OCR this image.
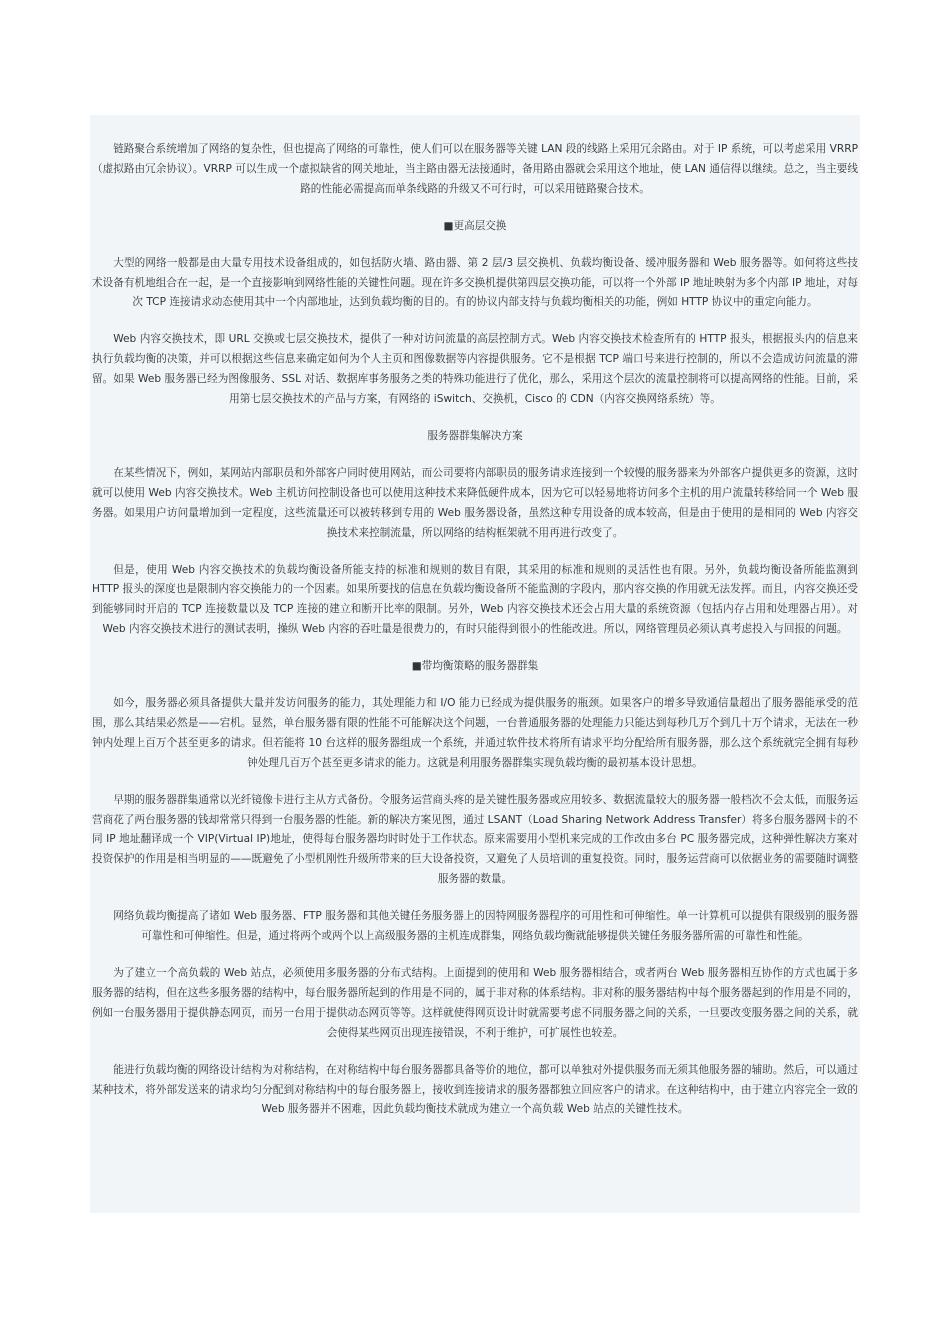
链路聚合系统增加了网络的复杂性，但也提高了网络的可靠性，使人们可以在服务器等关键 LAN 段的线路上采用冗余路由。对于 IP 系统，可以考虑采用 VRRP（虚拟路由冗余协议）。VRRP 可以生成一个虚拟缺省的网关地址，当主路由器无法接通时，备用路由器就会采用这个地址，使 LAN 通信得以继续。总之，当主要线路的性能必需提高而单条线路的升级又不可行时，可以采用链路聚合技术。

■更高层交换

大型的网络一般都是由大量专用技术设备组成的，如包括防火墙、路由器、第 2 层/3 层交换机、负载均衡设备、缓冲服务器和 Web 服务器等。如何将这些技术设备有机地组合在一起，是一个直接影响到网络性能的关键性问题。现在许多交换机提供第四层交换功能，可以将一个外部 IP 地址映射为多个内部 IP 地址，对每次 TCP 连接请求动态使用其中一个内部地址，达到负载均衡的目的。有的协议内部支持与负载均衡相关的功能，例如 HTTP 协议中的重定向能力。

Web 内容交换技术，即 URL 交换或七层交换技术，提供了一种对访问流量的高层控制方式。Web 内容交换技术检查所有的 HTTP 报头，根据报头内的信息来执行负载均衡的决策，并可以根据这些信息来确定如何为个人主页和图像数据等内容提供服务。它不是根据 TCP 端口号来进行控制的，所以不会造成访问流量的滞留。如果 Web 服务器已经为图像服务、SSL 对话、数据库事务服务之类的特殊功能进行了优化，那么，采用这个层次的流量控制将可以提高网络的性能。目前，采用第七层交换技术的产品与方案，有网络的 iSwitch、交换机，Cisco 的 CDN（内容交换网络系统）等。

服务器群集解决方案

在某些情况下，例如，某网站内部职员和外部客户同时使用网站，而公司要将内部职员的服务请求连接到一个较慢的服务器来为外部客户提供更多的资源，这时就可以使用 Web 内容交换技术。Web 主机访问控制设备也可以使用这种技术来降低硬件成本，因为它可以轻易地将访问多个主机的用户流量转移给同一个 Web 服务器。如果用户访问量增加到一定程度，这些流量还可以被转移到专用的 Web 服务器设备，虽然这种专用设备的成本较高，但是由于使用的是相同的 Web 内容交换技术来控制流量，所以网络的结构框架就不用再进行改变了。

但是，使用 Web 内容交换技术的负载均衡设备所能支持的标准和规则的数目有限，其采用的标准和规则的灵活性也有限。另外，负载均衡设备所能监测到 HTTP 报头的深度也是限制内容交换能力的一个因素。如果所要找的信息在负载均衡设备所不能监测的字段内，那内容交换的作用就无法发挥。而且，内容交换还受到能够同时开启的 TCP 连接数量以及 TCP 连接的建立和断开比率的限制。另外，Web 内容交换技术还会占用大量的系统资源（包括内存占用和处理器占用）。对 Web 内容交换技术进行的测试表明，操纵 Web 内容的吞吐量是很费力的，有时只能得到很小的性能改进。所以，网络管理员必须认真考虑投入与回报的问题。

■带均衡策略的服务器群集

如今，服务器必须具备提供大量并发访问服务的能力，其处理能力和 I/O 能力已经成为提供服务的瓶颈。如果客户的增多导致通信量超出了服务器能承受的范围，那么其结果必然是——宕机。显然，单台服务器有限的性能不可能解决这个问题，一台普通服务器的处理能力只能达到每秒几万个到几十万个请求，无法在一秒钟内处理上百万个甚至更多的请求。但若能将 10 台这样的服务器组成一个系统，并通过软件技术将所有请求平均分配给所有服务器，那么这个系统就完全拥有每秒钟处理几百万个甚至更多请求的能力。这就是利用服务器群集实现负载均衡的最初基本设计思想。

早期的服务器群集通常以光纤镜像卡进行主从方式备份。令服务运营商头疼的是关键性服务器或应用较多、数据流量较大的服务器一般档次不会太低，而服务运营商花了两台服务器的钱却常常只得到一台服务器的性能。新的解决方案见图，通过 LSANT（Load Sharing Network Address Transfer）将多台服务器网卡的不同 IP 地址翻译成一个 VIP(Virtual IP)地址，使得每台服务器均时时处于工作状态。原来需要用小型机来完成的工作改由多台 PC 服务器完成，这种弹性解决方案对投资保护的作用是相当明显的——既避免了小型机刚性升级所带来的巨大设备投资，又避免了人员培训的重复投资。同时，服务运营商可以依据业务的需要随时调整服务器的数量。

网络负载均衡提高了诸如 Web 服务器、FTP 服务器和其他关键任务服务器上的因特网服务器程序的可用性和可伸缩性。单一计算机可以提供有限级别的服务器可靠性和可伸缩性。但是，通过将两个或两个以上高级服务器的主机连成群集，网络负载均衡就能够提供关键任务服务器所需的可靠性和性能。

为了建立一个高负载的 Web 站点，必须使用多服务器的分布式结构。上面提到的使用和 Web 服务器相结合，或者两台 Web 服务器相互协作的方式也属于多服务器的结构，但在这些多服务器的结构中，每台服务器所起到的作用是不同的，属于非对称的体系结构。非对称的服务器结构中每个服务器起到的作用是不同的，例如一台服务器用于提供静态网页，而另一台用于提供动态网页等等。这样就使得网页设计时就需要考虑不同服务器之间的关系，一旦要改变服务器之间的关系，就会使得某些网页出现连接错误，不利于维护，可扩展性也较差。

能进行负载均衡的网络设计结构为对称结构，在对称结构中每台服务器都具备等价的地位，都可以单独对外提供服务而无须其他服务器的辅助。然后，可以通过某种技术，将外部发送来的请求均匀分配到对称结构中的每台服务器上，接收到连接请求的服务器都独立回应客户的请求。在这种结构中，由于建立内容完全一致的 Web 服务器并不困难，因此负载均衡技术就成为建立一个高负载 Web 站点的关键性技术。
